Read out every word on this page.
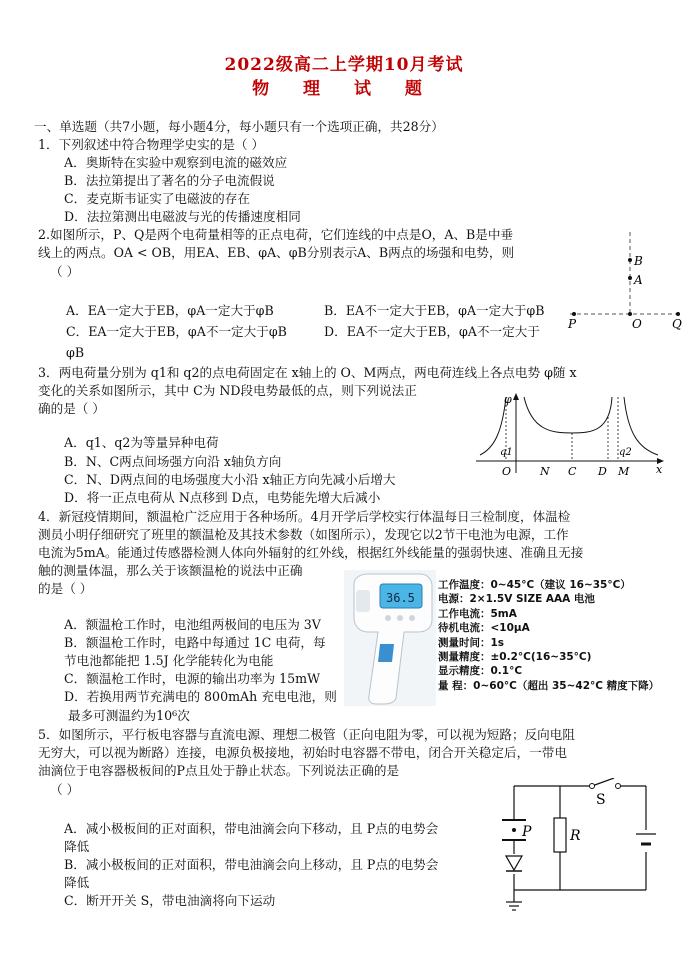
2022级高二上学期10月考试
物 理 试 题
一、单选题（共7小题，每小题4分，每小题只有一个选项正确，共28分）
1．下列叙述中符合物理学史实的是（ ）
A．奥斯特在实验中观察到电流的磁效应
B．法拉第提出了著名的分子电流假说
C．麦克斯韦证实了电磁波的存在
D．法拉第测出电磁波与光的传播速度相同
2.如图所示，P、Q是两个电荷量相等的正点电荷，它们连线的中点是O，A、B是中垂
线上的两点。OA < OB，用EA、EB、φA、φB分别表示A、B两点的场强和电势，则
（ ）
A．EA一定大于EB，φA一定大于φB	B．EA不一定大于EB，φA一定大于φB
C．EA一定大于EB，φA不一定大于φB	D．EA不一定大于EB，φA不一定大于
φB
B
A
P	O	Q
3．两电荷量分别为 q1和 q2的点电荷固定在 x轴上的 O、M两点，两电荷连线上各点电势 φ随 x
变化的关系如图所示，其中 C为 ND段电势最低的点，则下列说法正
确的是（ ）
A．q1、q2为等量异种电荷
B．N、C两点间场强方向沿 x轴负方向
C．N、D两点间的电场强度大小沿 x轴正方向先减小后增大
D．将一正点电荷从 N点移到 D点，电势能先增大后减小
φ
q1	q2
O	N C D M x
4．新冠疫情期间，额温枪广泛应用于各种场所。4月开学后学校实行体温每日三检制度，体温检
测员小明仔细研究了班里的额温枪及其技术参数（如图所示），发现它以2节干电池为电源，工作
电流为5mA。能通过传感器检测人体向外辐射的红外线，根据红外线能量的强弱快速、准确且无接
触的测量体温，那么关于该额温枪的说法中正确
的是（ ）
A．额温枪工作时，电池组两极间的电压为 3V
B．额温枪工作时，电路中每通过 1C 电荷，每
节电池都能把 1.5J 化学能转化为电能
C．额温枪工作时，电源的输出功率为 15mW
D．若换用两节充满电的 800mAh 充电电池，则
最多可测温约为10⁶次
36.5
工作温度：0~45°C（建议 16~35°C）
电源：2×1.5V SIZE AAA 电池
工作电流：5mA
待机电流：<10μA
测量时间：1s
测量精度：±0.2°C(16~35°C)
显示精度：0.1°C
量 程：0~60°C（超出 35~42°C 精度下降）
5．如图所示，平行板电容器与直流电源、理想二极管（正向电阻为零，可以视为短路；反向电阻
无穷大，可以视为断路）连接，电源负极接地，初始时电容器不带电，闭合开关稳定后，一带电
油滴位于电容器极板间的P点且处于静止状态。下列说法正确的是
（ ）
A．减小极板间的正对面积，带电油滴会向下移动，且 P点的电势会
降低
B．减小极板间的正对面积，带电油滴会向上移动，且 P点的电势会
降低
C．断开开关 S，带电油滴将向下运动
S
P	R
